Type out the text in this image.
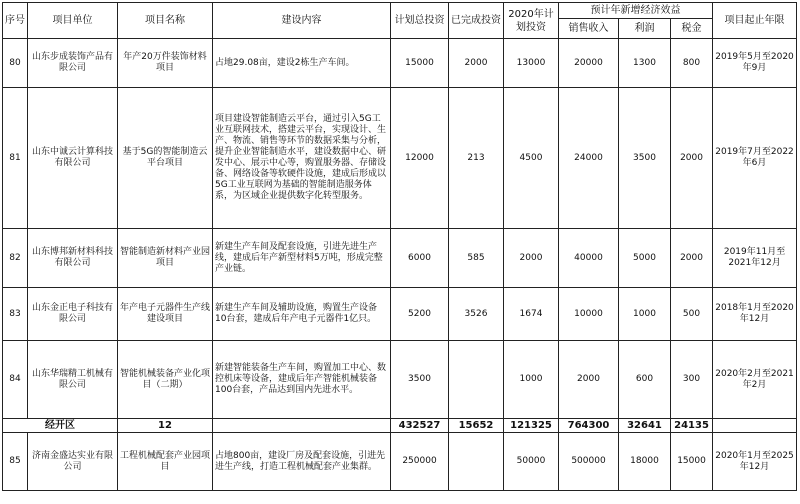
序号	项目单位	项目名称	建设内容	计划总投资	已完成投资	2020年计划投资	预计年新增经济效益			项目起止年限
							销售收入	利润	税金	
80	山东步成装饰产品有限公司	年产20万件装饰材料项目	占地29.08亩，建设2栋生产车间。	15000	2000	13000	20000	1300	800	2019年5月至2020年9月
81	山东中诚云计算科技有限公司	基于5G的智能制造云平台项目	项目建设智能制造云平台，通过引入5G工业互联网技术，搭建云平台，实现设计、生产、物流、销售等环节的数据采集与分析，提升企业智能制造水平，建设数据中心、研发中心、展示中心等，购置服务器、存储设备、网络设备等软硬件设施，建成后形成以5G工业互联网为基础的智能制造服务体系，为区域企业提供数字化转型服务。	12000	213	4500	24000	3500	2000	2019年7月至2022年6月
82	山东博邦新材料科技有限公司	智能制造新材料产业园项目	新建生产车间及配套设施，引进先进生产线，建成后年产新型材料5万吨，形成完整产业链。	6000	585	2000	40000	5000	2000	2019年11月至2021年12月
83	山东金正电子科技有限公司	年产电子元器件生产线建设项目	新建生产车间及辅助设施，购置生产设备10台套，建成后年产电子元器件1亿只。	5200	3526	1674	10000	1000	500	2018年1月至2020年12月
84	山东华瑞精工机械有限公司	智能机械装备产业化项目（二期）	新建智能装备生产车间，购置加工中心、数控机床等设备，建成后年产智能机械装备100台套，产品达到国内先进水平。	3500		1000	2000	600	300	2020年2月至2021年2月
经开区		12		432527	15652	121325	764300	32641	24135	
85	济南金盛达实业有限公司	工程机械配套产业园项目	占地800亩，建设厂房及配套设施，引进先进生产线，打造工程机械配套产业集群。	250000		50000	500000	18000	15000	2020年1月至2025年12月
